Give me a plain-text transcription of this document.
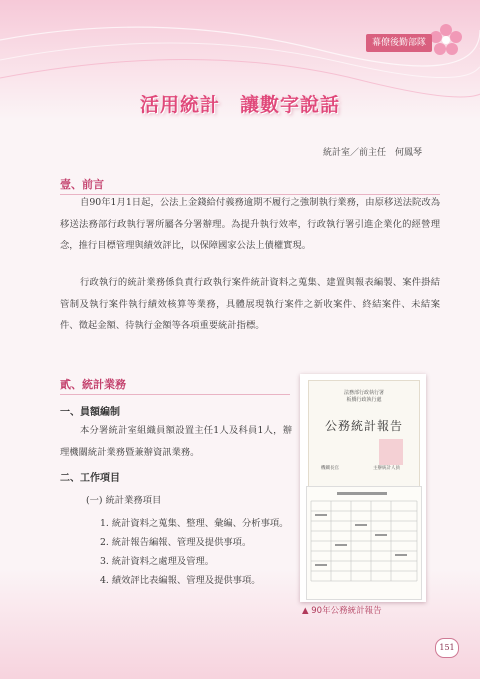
幕僚後勤部隊
活用統計　讓數字說話
統計室／前主任　何鳳琴
壹、前言

自90年1月1日起，公法上金錢給付義務逾期不履行之強制執行業務，由原移送法院改為移送法務部行政執行署所屬各分署辦理。為提升執行效率，行政執行署引進企業化的經營理念，推行目標管理與績效評比，以保障國家公法上債權實現。

行政執行的統計業務係負責行政執行案件統計資料之蒐集、建置與報表編製、案件掛結管制及執行案件執行績效核算等業務，具體展現執行案件之新收案件、終結案件、未結案件、徵起金額、待執行金額等各項重要統計指標。

貳、統計業務
一、員額編制

本分署統計室組織員額設置主任1人及科員1人，辦理機關統計業務暨兼辦資訊業務。

二、工作項目
(一) 統計業務項目
1. 統計資料之蒐集、整理、彙編、分析事項。
2. 統計報告編報、管理及提供事項。
3. 統計資料之處理及管理。
4. 績效評比表編報、管理及提供事項。
法務部行政執行署
板橋行政執行處
公務統計報告
機關長官	主辦統計人員
▲ 90年公務統計報告
151
